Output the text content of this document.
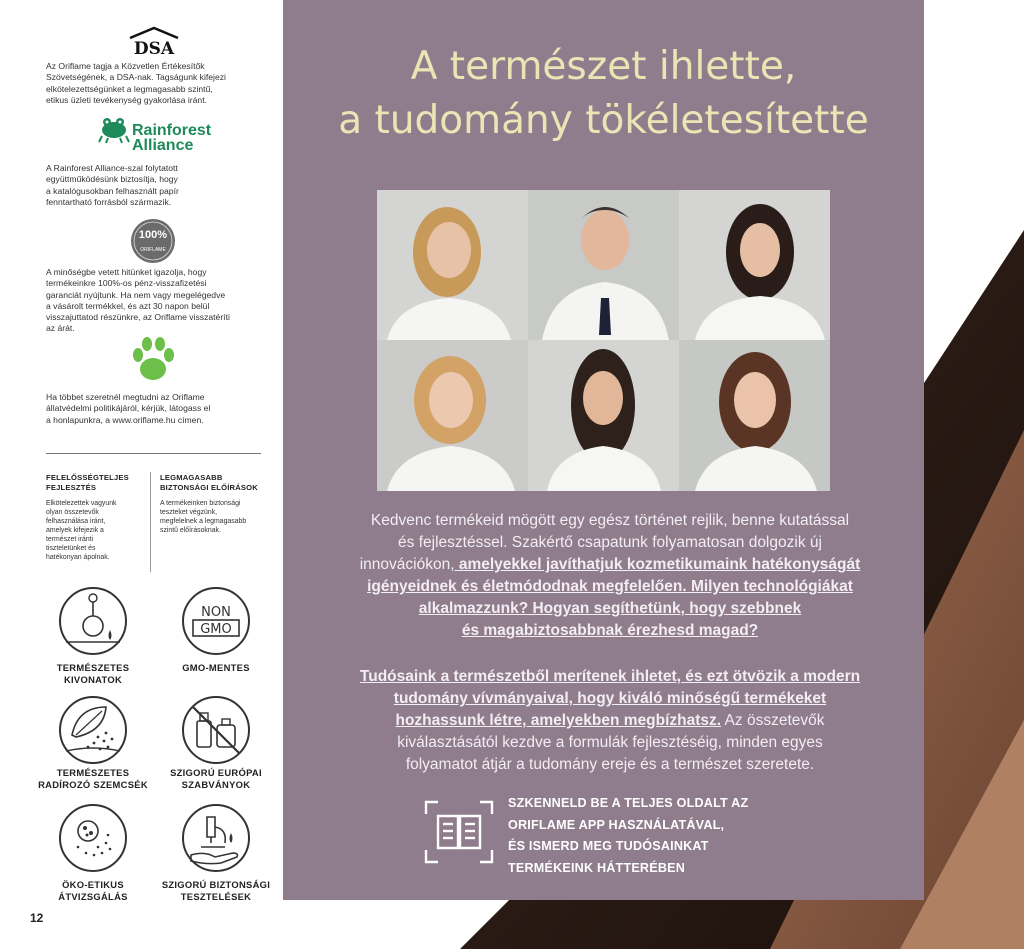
A természet ihlette,
a tudomány tökéletesítette
Kedvenc termékeid mögött egy egész történet rejlik, benne kutatással
és fejlesztéssel. Szakértő csapatunk folyamatosan dolgozik új
innovációkon, amelyekkel javíthatjuk kozmetikumaink hatékonyságát
igényeidnek és életmódodnak megfelelően. Milyen technológiákat
alkalmazzunk? Hogyan segíthetünk, hogy szebbnek
és magabiztosabbnak érezhesd magad?
Tudósaink a természetből merítenek ihletet, és ezt ötvözik a modern
tudomány vívmányaival, hogy kiváló minőségű termékeket
hozhassunk létre, amelyekben megbízhatsz. Az összetevők
kiválasztásától kezdve a formulák fejlesztéséig, minden egyes
folyamatot átjár a tudomány ereje és a természet szeretete.
SZKENNELD BE A TELJES OLDALT AZ
ORIFLAME APP HASZNÁLATÁVAL,
ÉS ISMERD MEG TUDÓSAINKAT
TERMÉKEINK HÁTTERÉBEN
DSA
Az Oriflame tagja a Közvetlen Értékesítők
Szövetségének, a DSA-nak. Tagságunk kifejezi
elkötelezettségünket a legmagasabb szintű,
etikus üzleti tevékenység gyakorlása iránt.
Rainforest
Alliance
A Rainforest Alliance-szal folytatott
együttműködésünk biztosítja, hogy
a katalógusokban felhasznált papír
fenntartható forrásból származik.
100%
ORIFLAME
A minőségbe vetett hitünket igazolja, hogy
termékeinkre 100%-os pénz-visszafizetési
garanciát nyújtunk. Ha nem vagy megelégedve
a vásárolt termékkel, és azt 30 napon belül
visszajuttatod részünkre, az Oriflame visszatéríti
az árát.
Ha többet szeretnél megtudni az Oriflame
állatvédelmi politikájáról, kérjük, látogass el
a honlapunkra, a www.oriflame.hu címen.
FELELŐSSÉGTELJES
FEJLESZTÉS
Elkötelezettek vagyunk
olyan összetevők
felhasználása iránt,
amelyek kifejezik a
természet iránti
tiszteletünket és
hatékonyan ápolnak.
LEGMAGASABB
BIZTONSÁGI ELŐÍRÁSOK
A termékeinken biztonsági
teszteket végzünk,
megfelelnek a legmagasabb
szintű előírásoknak.
TERMÉSZETES
KIVONATOK
NON
GMO
GMO-MENTES
TERMÉSZETES
RADÍROZÓ SZEMCSÉK
SZIGORÚ EURÓPAI
SZABVÁNYOK
ÖKO-ETIKUS
ÁTVIZSGÁLÁS
SZIGORÚ BIZTONSÁGI
TESZTELÉSEK
12
